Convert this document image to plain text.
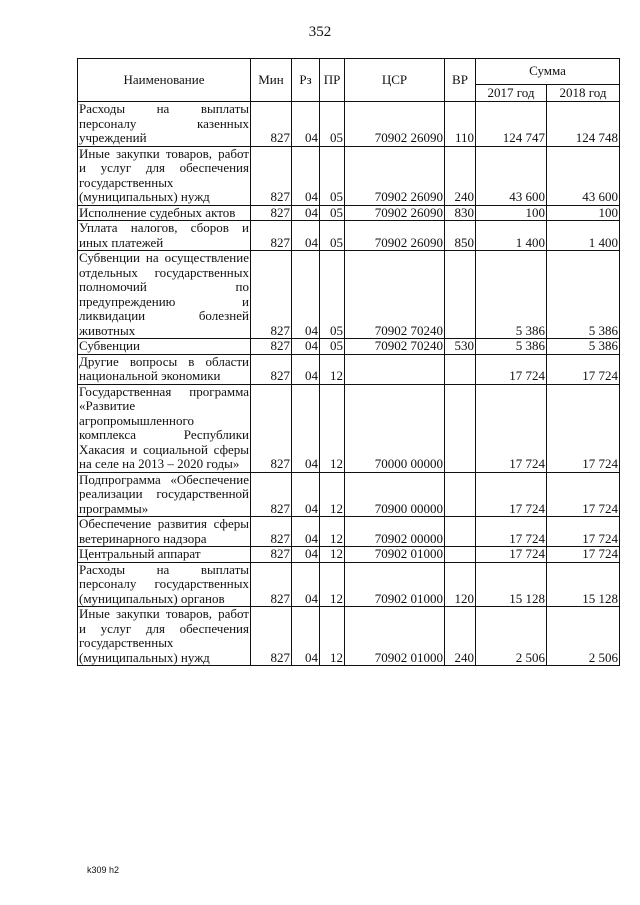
352
Наименование	Мин	Рз	ПР	ЦСР	ВР	Сумма	
						2017 год	2018 год
Расходы на выплаты персоналу казенных учреждений	827	04	05	70902 26090	110	124 747	124 748
Иные закупки товаров, работ и услуг для обеспечения государственных (муниципальных) нужд	827	04	05	70902 26090	240	43 600	43 600
Исполнение судебных актов	827	04	05	70902 26090	830	100	100
Уплата налогов, сборов и иных платежей	827	04	05	70902 26090	850	1 400	1 400
Субвенции на осуществление отдельных государственных полномочий по предупреждению и ликвидации болезней животных	827	04	05	70902 70240		5 386	5 386
Субвенции	827	04	05	70902 70240	530	5 386	5 386
Другие вопросы в области национальной экономики	827	04	12			17 724	17 724
Государственная программа «Развитие агропромышленного комплекса Республики Хакасия и социальной сферы на селе на 2013 – 2020 годы»	827	04	12	70000 00000		17 724	17 724
Подпрограмма «Обеспечение реализации государственной программы»	827	04	12	70900 00000		17 724	17 724
Обеспечение развития сферы ветеринарного надзора	827	04	12	70902 00000		17 724	17 724
Центральный аппарат	827	04	12	70902 01000		17 724	17 724
Расходы на выплаты персоналу государственных (муниципальных) органов	827	04	12	70902 01000	120	15 128	15 128
Иные закупки товаров, работ и услуг для обеспечения государственных (муниципальных) нужд	827	04	12	70902 01000	240	2 506	2 506
k309 h2
